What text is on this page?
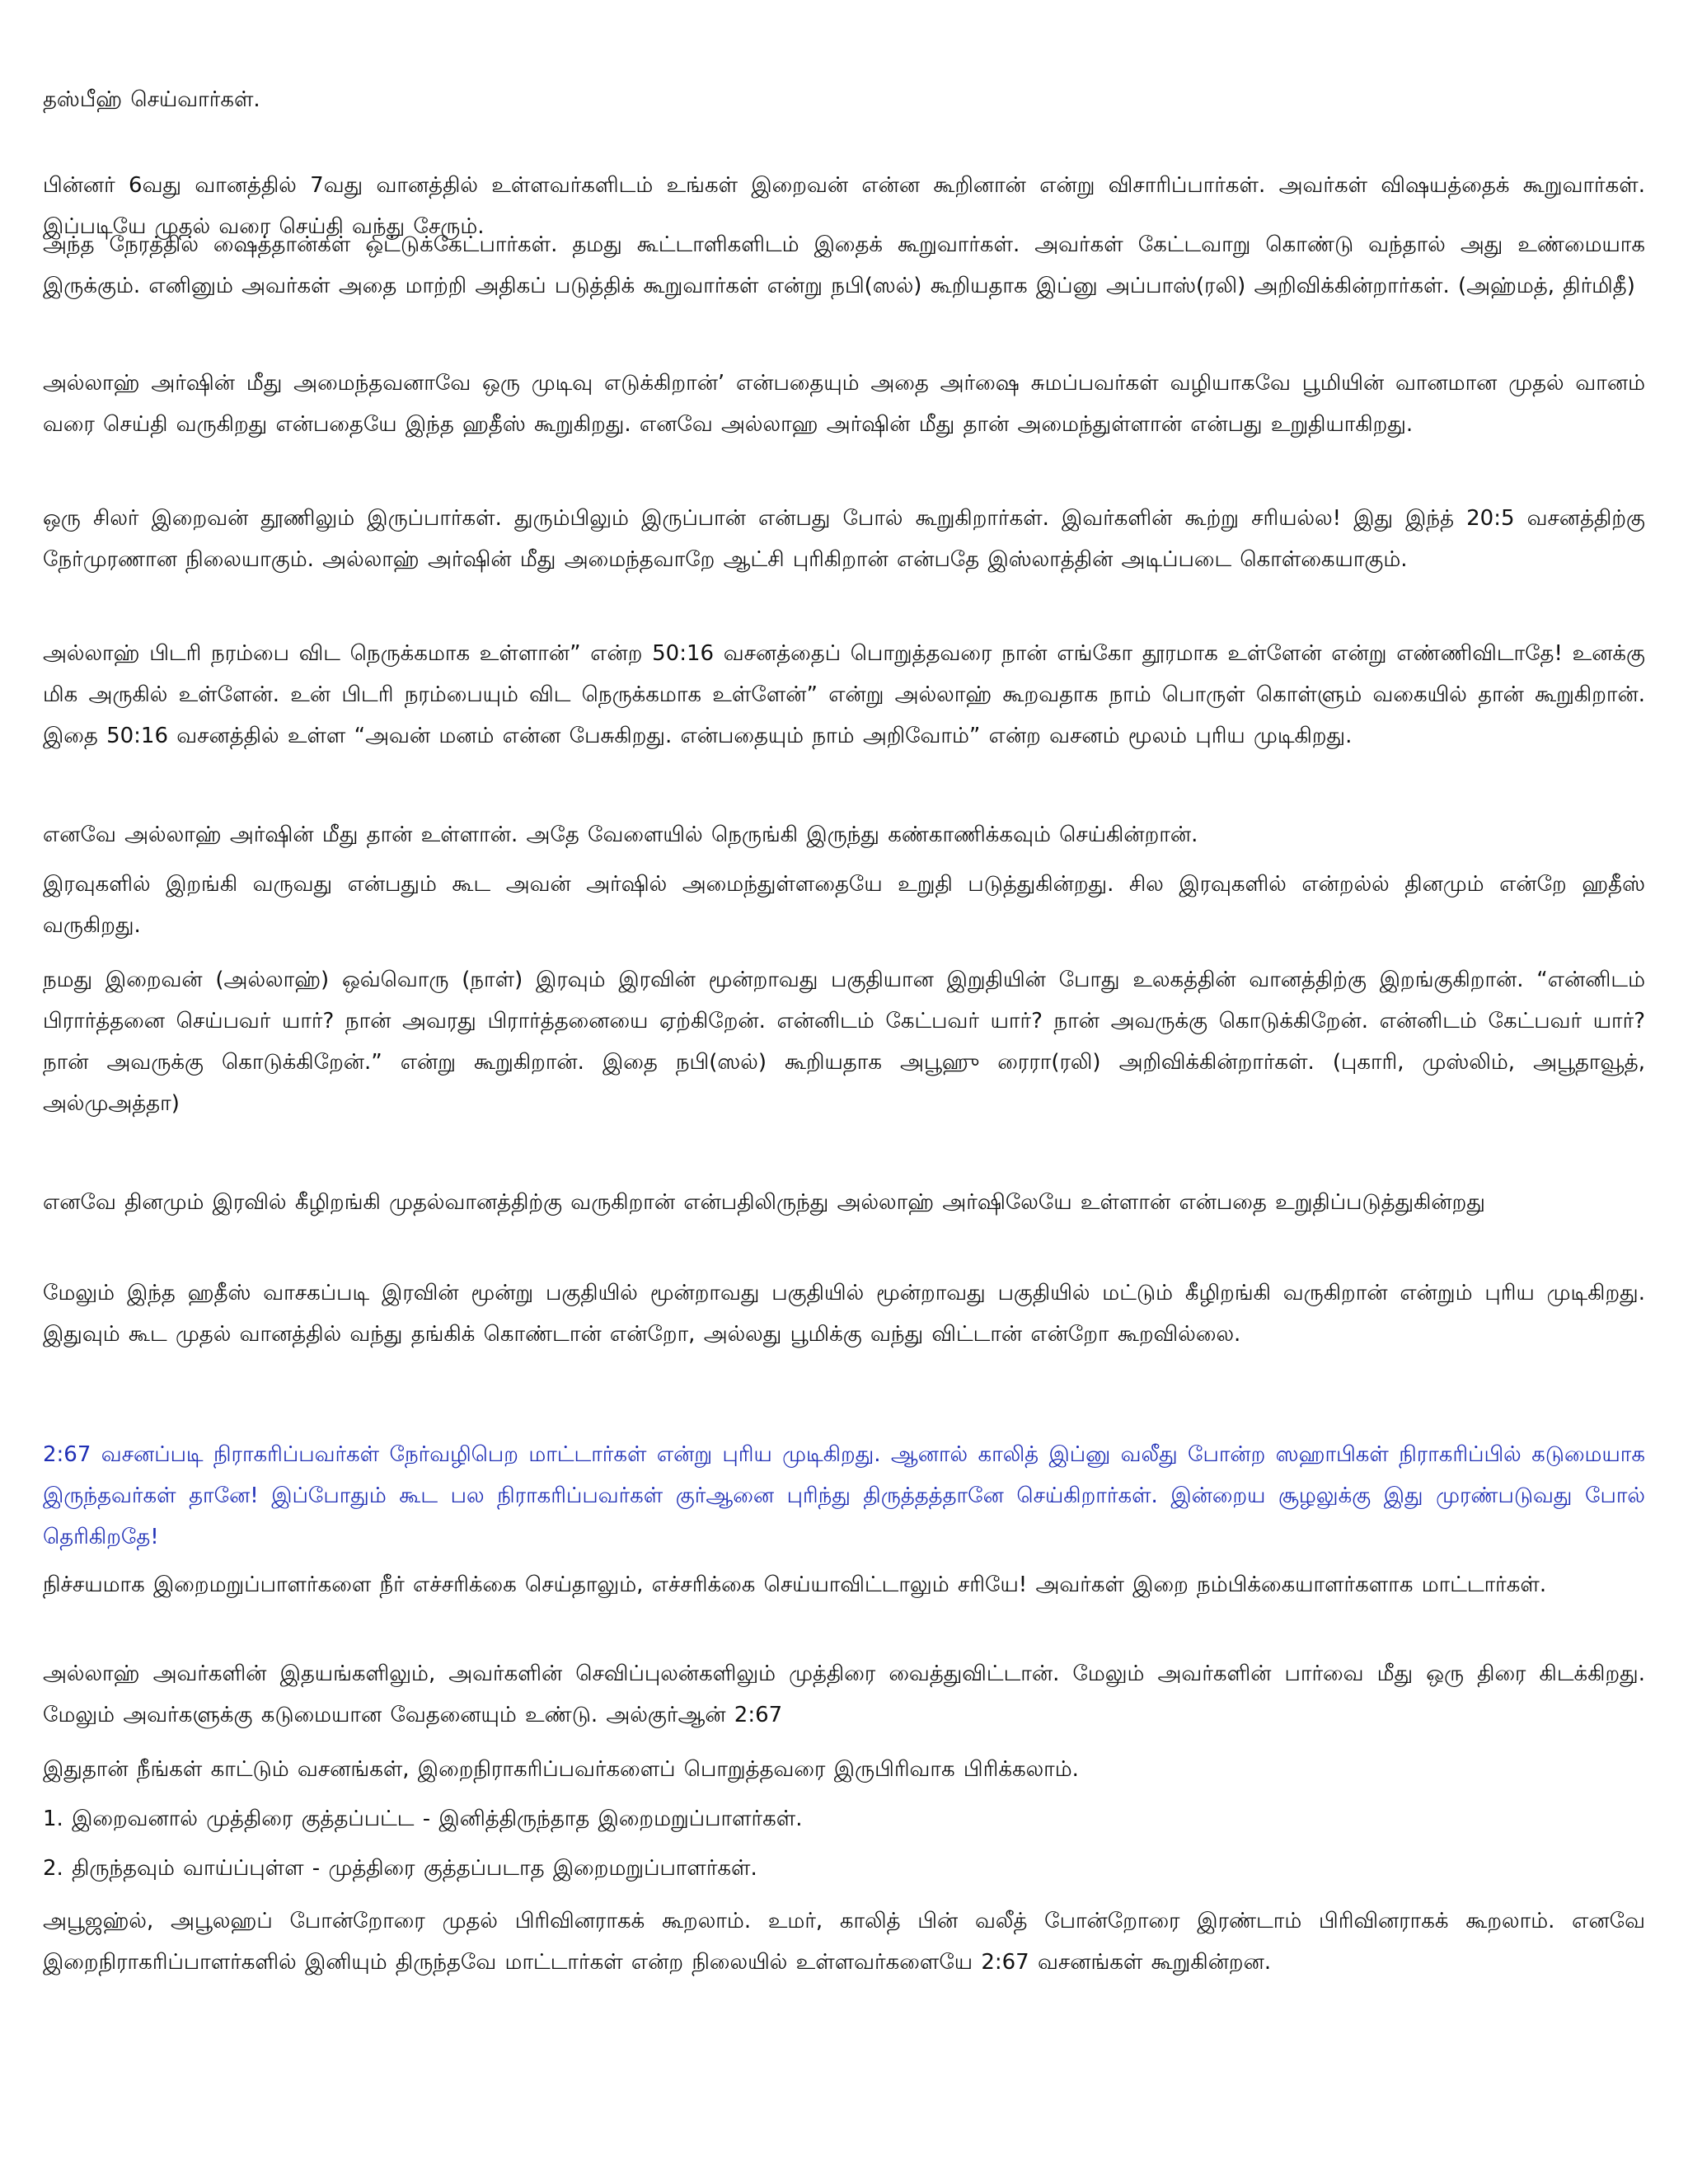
தஸ்பீஹ் செய்வார்கள்.

பின்னர் 6வது வானத்தில் 7வது வானத்தில் உள்ளவர்களிடம் உங்கள் இறைவன் என்ன கூறினான் என்று விசாரிப்பார்கள். அவர்கள் விஷயத்தைக் கூறுவார்கள். இப்படியே முதல் வரை செய்தி வந்து சேரும்.

அந்த நேரத்தில் ஷைத்தான்கள் ஒட்டுக்கேட்பார்கள். தமது கூட்டாளிகளிடம் இதைக் கூறுவார்கள். அவர்கள் கேட்டவாறு கொண்டு வந்தால் அது உண்மையாக இருக்கும். எனினும் அவர்கள் அதை மாற்றி அதிகப் படுத்திக் கூறுவார்கள் என்று நபி(ஸல்) கூறியதாக இப்னு அப்பாஸ்(ரலி) அறிவிக்கின்றார்கள். (அஹ்மத், திர்மிதீ)

அல்லாஹ் அர்ஷின் மீது அமைந்தவனாவே ஒரு முடிவு எடுக்கிறான்’ என்பதையும் அதை அர்ஷை சுமப்பவர்கள் வழியாகவே பூமியின் வானமான முதல் வானம் வரை செய்தி வருகிறது என்பதையே இந்த ஹதீஸ் கூறுகிறது. எனவே அல்லாஹ அர்ஷின் மீது தான் அமைந்துள்ளான் என்பது உறுதியாகிறது.

ஒரு சிலர் இறைவன் தூணிலும் இருப்பார்கள். துரும்பிலும் இருப்பான் என்பது போல் கூறுகிறார்கள். இவர்களின் கூற்று சரியல்ல! இது இந்த் 20:5 வசனத்திற்கு நேர்முரணான நிலையாகும். அல்லாஹ் அர்ஷின் மீது அமைந்தவாறே ஆட்சி புரிகிறான் என்பதே இஸ்லாத்தின் அடிப்படை கொள்கையாகும்.

அல்லாஹ் பிடரி நரம்பை விட நெருக்கமாக உள்ளான்” என்ற 50:16 வசனத்தைப் பொறுத்தவரை நான் எங்கோ தூரமாக உள்ளேன் என்று எண்ணிவிடாதே! உனக்கு மிக அருகில் உள்ளேன். உன் பிடரி நரம்பையும் விட நெருக்கமாக உள்ளேன்” என்று அல்லாஹ் கூறவதாக நாம் பொருள் கொள்ளும் வகையில் தான் கூறுகிறான். இதை 50:16 வசனத்தில் உள்ள “அவன் மனம் என்ன பேசுகிறது. என்பதையும் நாம் அறிவோம்” என்ற வசனம் மூலம் புரிய முடிகிறது.

எனவே அல்லாஹ் அர்ஷின் மீது தான் உள்ளான். அதே வேளையில் நெருங்கி இருந்து கண்காணிக்கவும் செய்கின்றான்.

இரவுகளில் இறங்கி வருவது என்பதும் கூட அவன் அர்ஷில் அமைந்துள்ளதையே உறுதி படுத்துகின்றது. சில இரவுகளில் என்றல்ல் தினமும் என்றே ஹதீஸ் வருகிறது.

நமது இறைவன் (அல்லாஹ்) ஒவ்வொரு (நாள்) இரவும் இரவின் மூன்றாவது பகுதியான இறுதியின் போது உலகத்தின் வானத்திற்கு இறங்குகிறான். “என்னிடம் பிரார்த்தனை செய்பவர் யார்? நான் அவரது பிரார்த்தனையை ஏற்கிறேன். என்னிடம் கேட்பவர் யார்? நான் அவருக்கு கொடுக்கிறேன். என்னிடம் கேட்பவர் யார்? நான் அவருக்கு கொடுக்கிறேன்.” என்று கூறுகிறான். இதை நபி(ஸல்) கூறியதாக அபூஹு ரைரா(ரலி) அறிவிக்கின்றார்கள். (புகாரி, முஸ்லிம், அபூதாவூத், அல்முஅத்தா)

எனவே தினமும் இரவில் கீழிறங்கி முதல்வானத்திற்கு வருகிறான் என்பதிலிருந்து அல்லாஹ் அர்ஷிலேயே உள்ளான் என்பதை உறுதிப்படுத்துகின்றது

மேலும் இந்த ஹதீஸ் வாசகப்படி இரவின் மூன்று பகுதியில் மூன்றாவது பகுதியில் மூன்றாவது பகுதியில் மட்டும் கீழிறங்கி வருகிறான் என்றும் புரிய முடிகிறது. இதுவும் கூட முதல் வானத்தில் வந்து தங்கிக் கொண்டான் என்றோ, அல்லது பூமிக்கு வந்து விட்டான் என்றோ கூறவில்லை.

2:67 வசனப்படி நிராகரிப்பவர்கள் நேர்வழிபெற மாட்டார்கள் என்று புரிய முடிகிறது. ஆனால் காலித் இப்னு வலீது போன்ற ஸஹாபிகள் நிராகரிப்பில் கடுமையாக இருந்தவர்கள் தானே! இப்போதும் கூட பல நிராகரிப்பவர்கள் குர்ஆனை புரிந்து திருத்தத்தானே செய்கிறார்கள். இன்றைய சூழலுக்கு இது முரண்படுவது போல் தெரிகிறதே!

நிச்சயமாக இறைமறுப்பாளர்களை நீர் எச்சரிக்கை செய்தாலும், எச்சரிக்கை செய்யாவிட்டாலும் சரியே! அவர்கள் இறை நம்பிக்கையாளர்களாக மாட்டார்கள்.

அல்லாஹ் அவர்களின் இதயங்களிலும், அவர்களின் செவிப்புலன்களிலும் முத்திரை வைத்துவிட்டான். மேலும் அவர்களின் பார்வை மீது ஒரு திரை கிடக்கிறது. மேலும் அவர்களுக்கு கடுமையான வேதனையும் உண்டு. அல்குர்ஆன் 2:67

இதுதான் நீங்கள் காட்டும் வசனங்கள், இறைநிராகரிப்பவர்களைப் பொறுத்தவரை இருபிரிவாக பிரிக்கலாம்.

1. இறைவனால் முத்திரை குத்தப்பட்ட - இனித்திருந்தாத இறைமறுப்பாளர்கள்.

2. திருந்தவும் வாய்ப்புள்ள - முத்திரை குத்தப்படாத இறைமறுப்பாளர்கள்.

அபூஜஹ்ல், அபூலஹப் போன்றோரை முதல் பிரிவினராகக் கூறலாம். உமர், காலித் பின் வலீத் போன்றோரை இரண்டாம் பிரிவினராகக் கூறலாம். எனவே இறைநிராகரிப்பாளர்களில் இனியும் திருந்தவே மாட்டார்கள் என்ற நிலையில் உள்ளவர்களையே 2:67 வசனங்கள் கூறுகின்றன.
